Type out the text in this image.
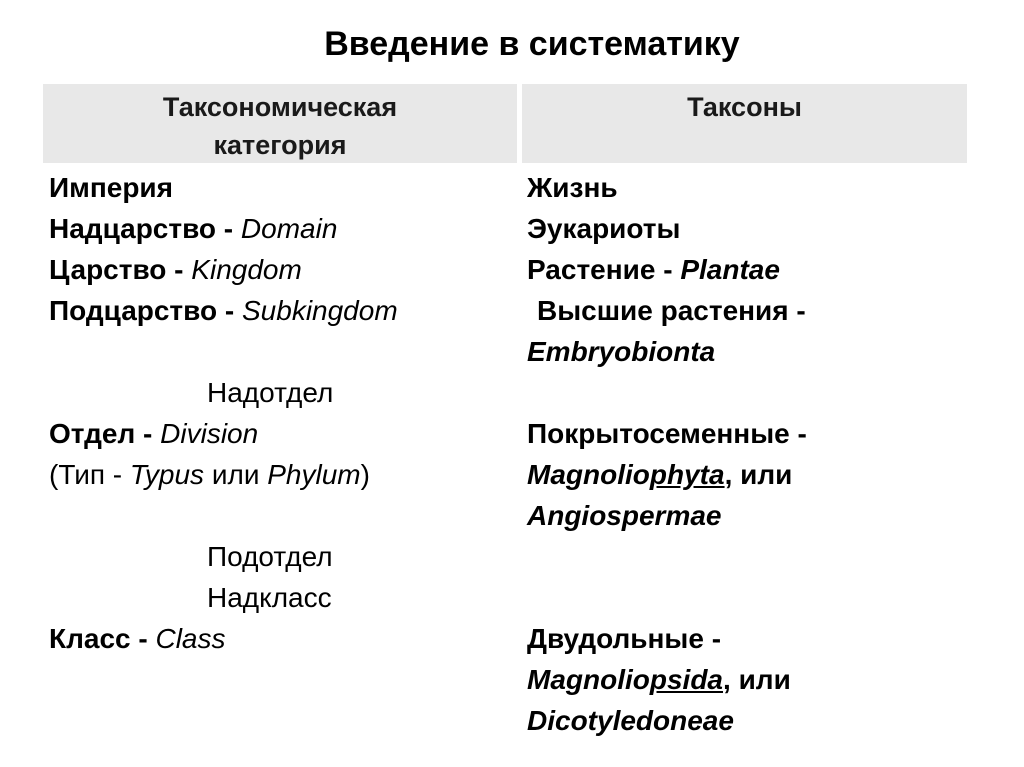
Введение в систематику
Таксономическая
категория
Таксоны
Империя
Надцарство - Domain
Царство - Kingdom
Подцарство - Subkingdom
Надотдел
Отдел - Division
(Тип - Typus или Phylum)
Подотдел
Надкласс
Класс - Class
Жизнь
Эукариоты
Растение - Plantae
Высшие растения -
Embryobionta
Покрытосеменные -
Magnoliophyta, или
Angiospermae
Двудольные -
Magnoliopsida, или
Dicotyledoneae
